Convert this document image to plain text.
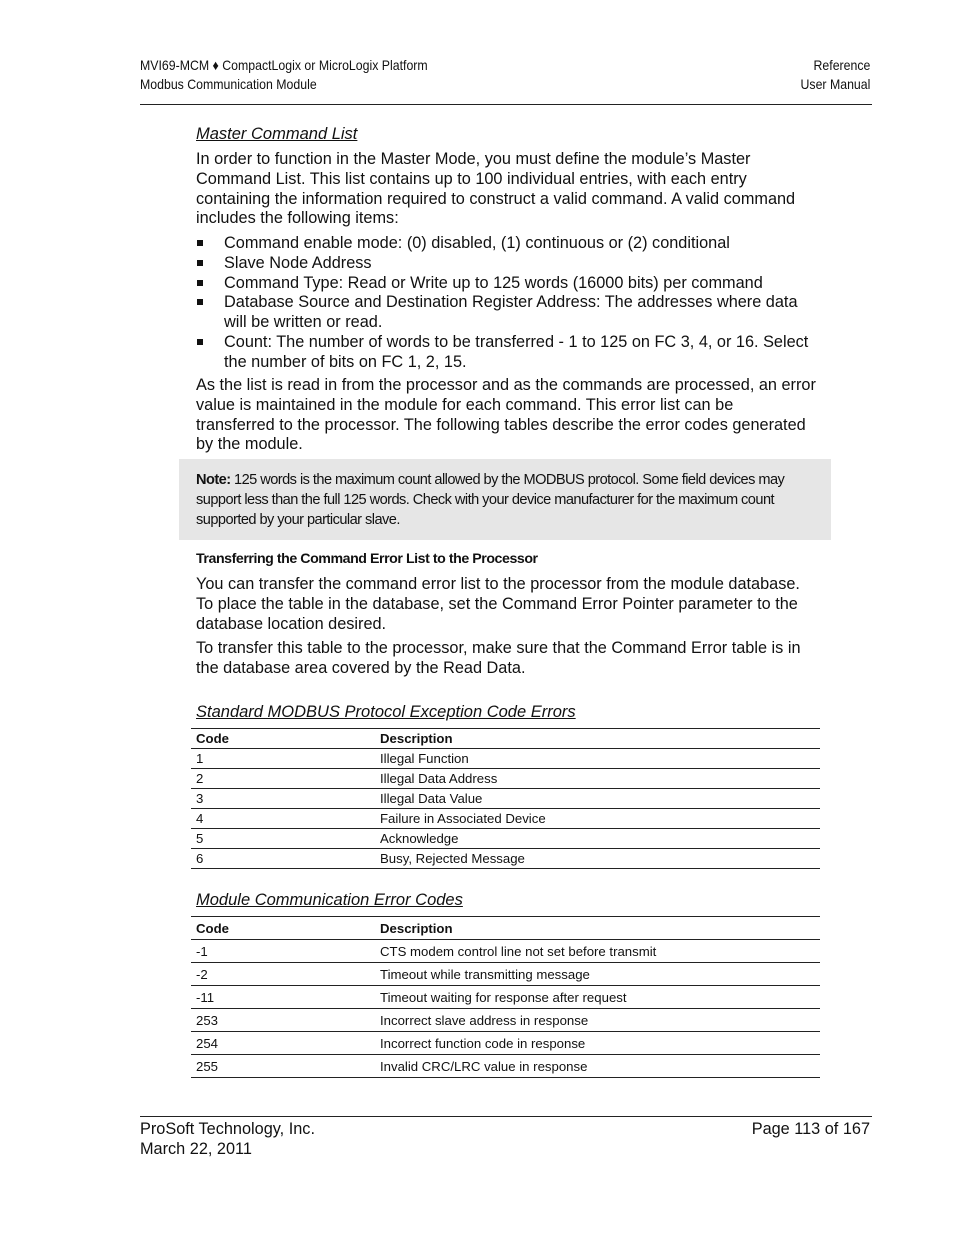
MVI69-MCM ♦ CompactLogix or MicroLogix Platform
Modbus Communication Module
Reference
User Manual
Master Command List
In order to function in the Master Mode, you must define the module’s Master Command List. This list contains up to 100 individual entries, with each entry containing the information required to construct a valid command. A valid command includes the following items:
Command enable mode: (0) disabled, (1) continuous or (2) conditional
Slave Node Address
Command Type: Read or Write up to 125 words (16000 bits) per command
Database Source and Destination Register Address: The addresses where data will be written or read.
Count: The number of words to be transferred - 1 to 125 on FC 3, 4, or 16. Select the number of bits on FC 1, 2, 15.
As the list is read in from the processor and as the commands are processed, an error value is maintained in the module for each command. This error list can be transferred to the processor. The following tables describe the error codes generated by the module.
Note: 125 words is the maximum count allowed by the MODBUS protocol. Some field devices may support less than the full 125 words. Check with your device manufacturer for the maximum count supported by your particular slave.
Transferring the Command Error List to the Processor
You can transfer the command error list to the processor from the module database. To place the table in the database, set the Command Error Pointer parameter to the database location desired.
To transfer this table to the processor, make sure that the Command Error table is in the database area covered by the Read Data.
Standard MODBUS Protocol Exception Code Errors
Code	Description
1	Illegal Function
2	Illegal Data Address
3	Illegal Data Value
4	Failure in Associated Device
5	Acknowledge
6	Busy, Rejected Message
Module Communication Error Codes
Code	Description
-1	CTS modem control line not set before transmit
-2	Timeout while transmitting message
-11	Timeout waiting for response after request
253	Incorrect slave address in response
254	Incorrect function code in response
255	Invalid CRC/LRC value in response
ProSoft Technology, Inc.
March 22, 2011
Page 113 of 167
